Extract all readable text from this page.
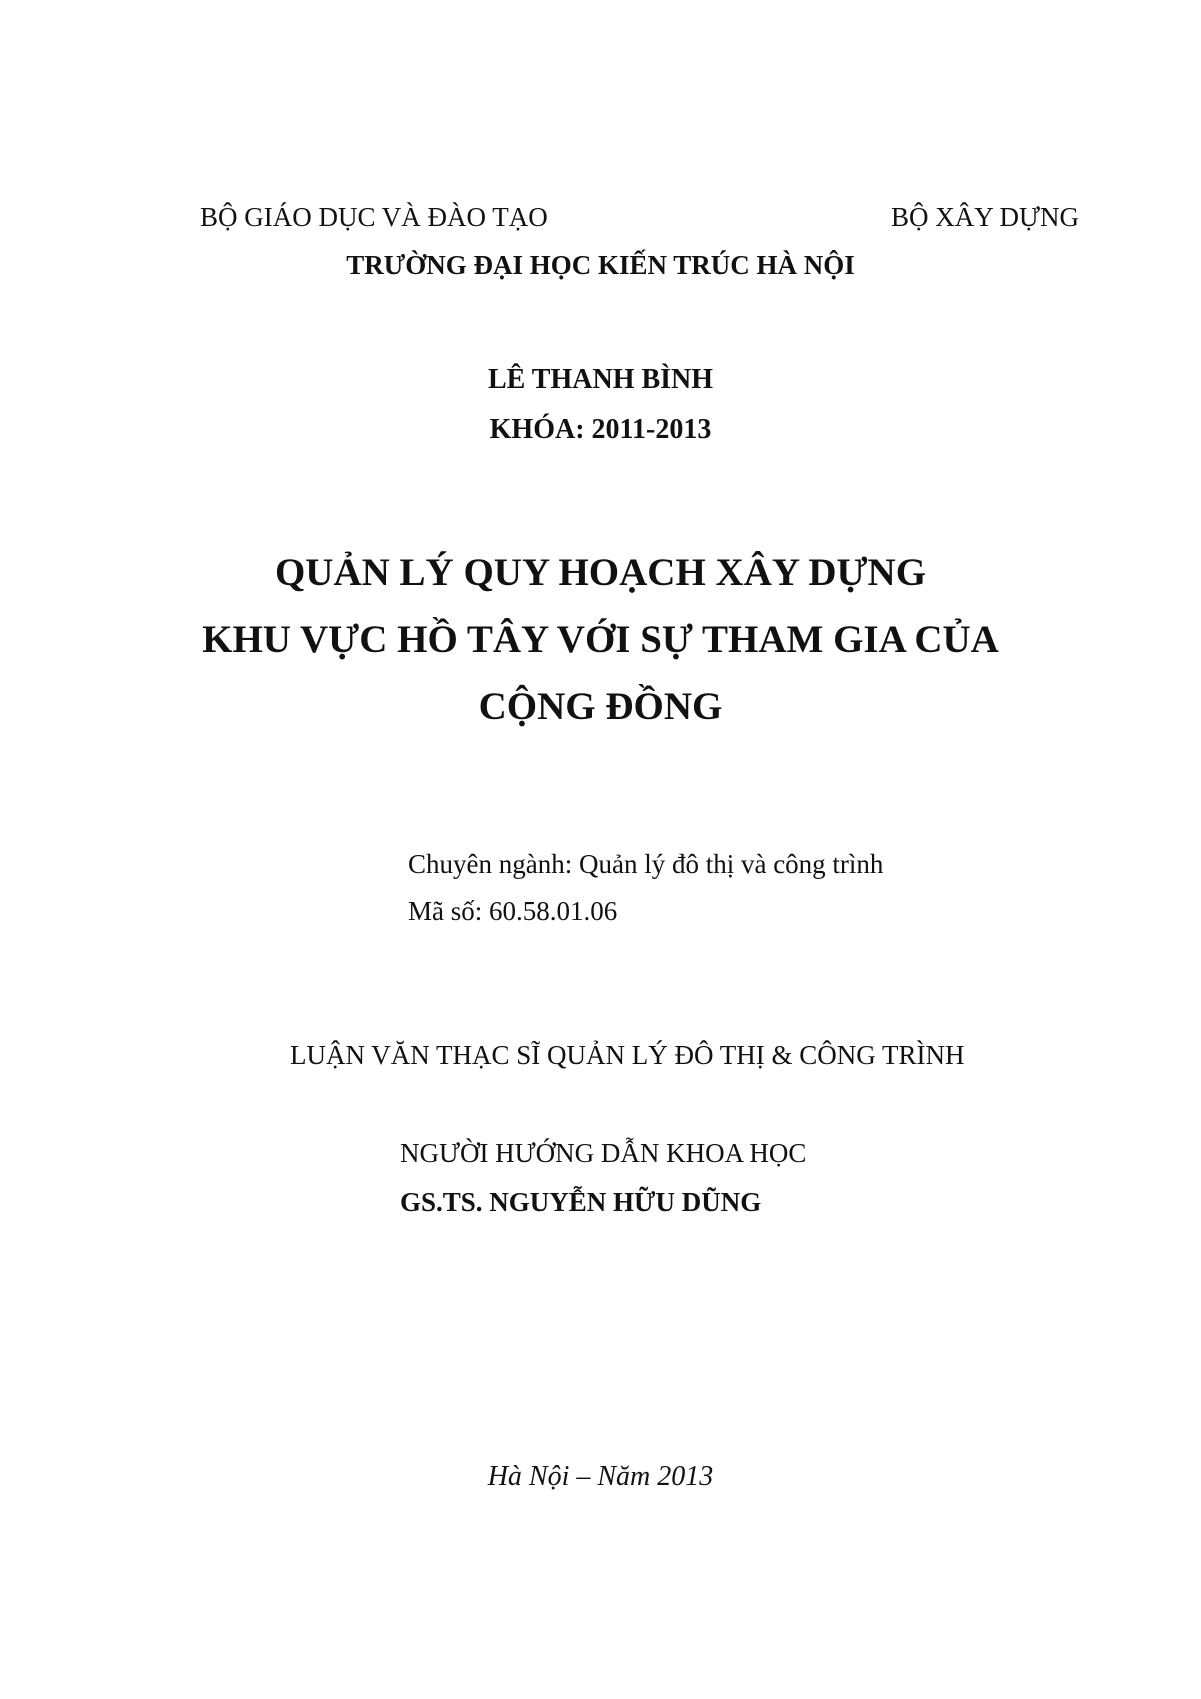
BỘ GIÁO DỤC VÀ ĐÀO TẠO	BỘ XÂY DỰNG
TRƯỜNG ĐẠI HỌC KIẾN TRÚC HÀ NỘI
LÊ THANH BÌNH
KHÓA: 2011-2013
QUẢN LÝ QUY HOẠCH XÂY DỰNG
KHU VỰC HỒ TÂY VỚI SỰ THAM GIA CỦA
CỘNG ĐỒNG
Chuyên ngành: Quản lý đô thị và công trình
Mã số: 60.58.01.06
LUẬN VĂN THẠC SĨ QUẢN LÝ ĐÔ THỊ & CÔNG TRÌNH
NGƯỜI HƯỚNG DẪN KHOA HỌC
GS.TS. NGUYỄN HỮU DŨNG
Hà Nội – Năm 2013
